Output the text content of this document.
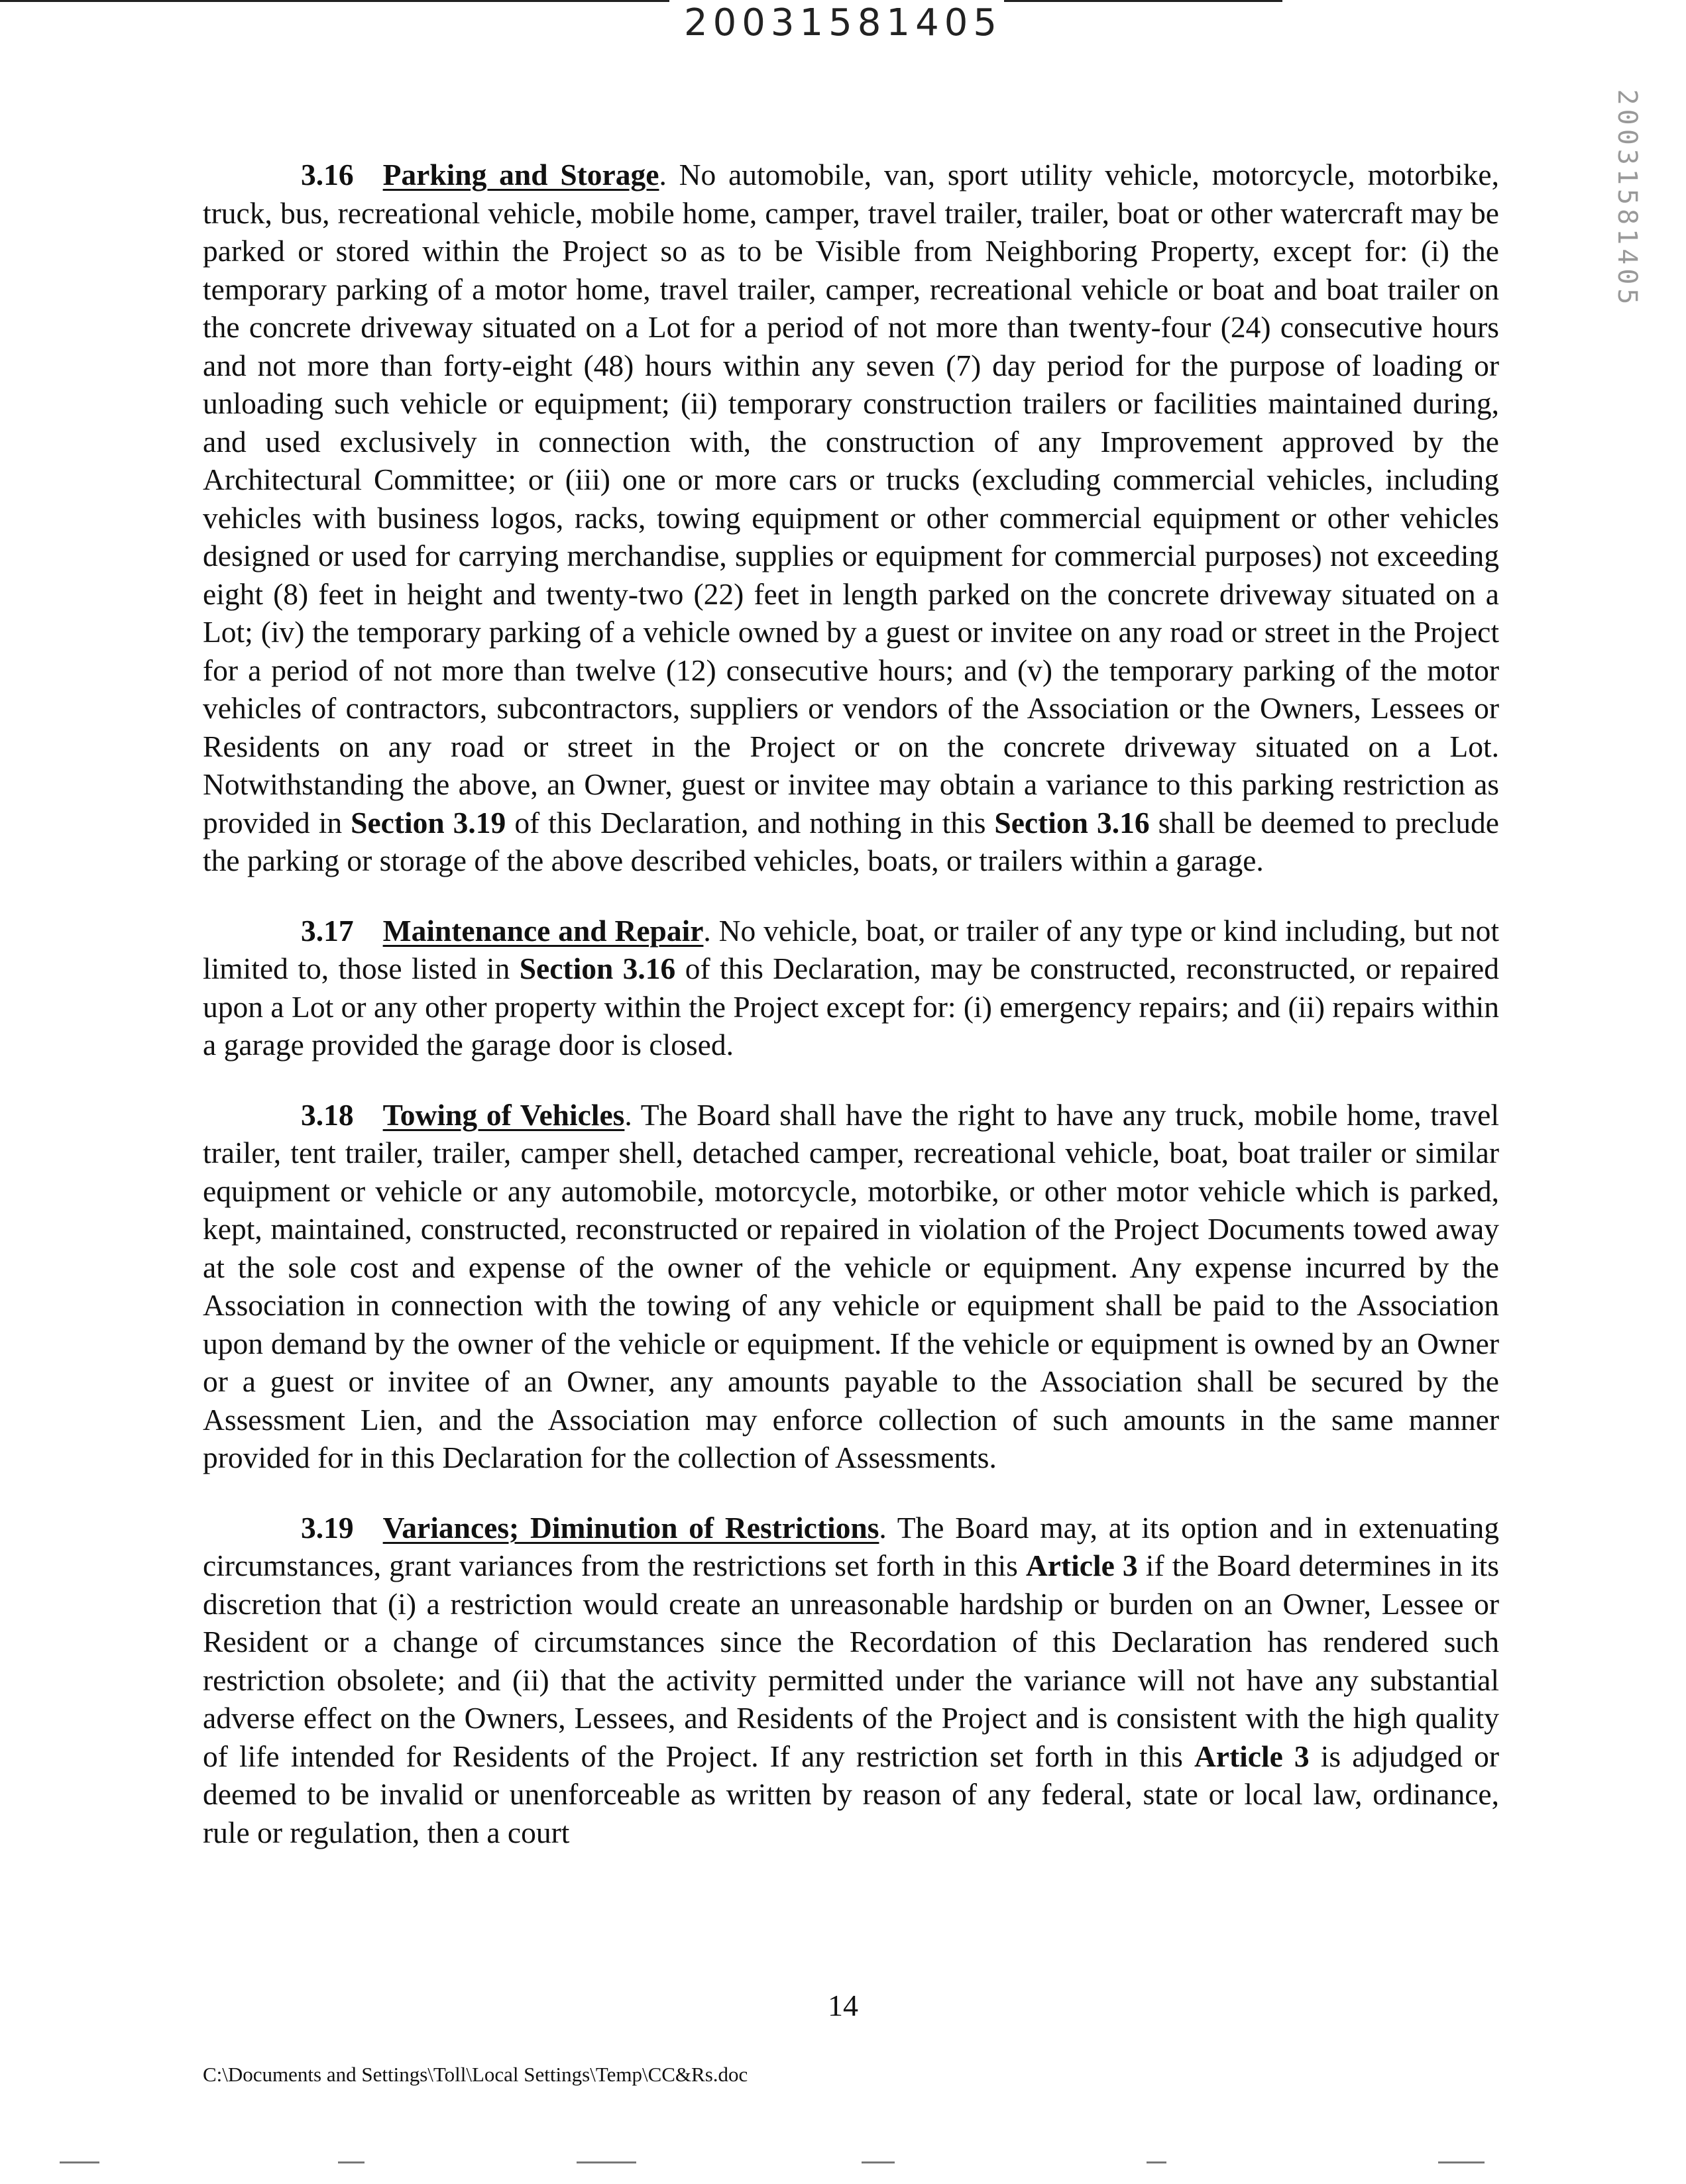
20031581405
20031581405

3.16 Parking and Storage. No automobile, van, sport utility vehicle, motorcycle, motorbike, truck, bus, recreational vehicle, mobile home, camper, travel trailer, trailer, boat or other watercraft may be parked or stored within the Project so as to be Visible from Neighboring Property, except for: (i) the temporary parking of a motor home, travel trailer, camper, recreational vehicle or boat and boat trailer on the concrete driveway situated on a Lot for a period of not more than twenty-four (24) consecutive hours and not more than forty-eight (48) hours within any seven (7) day period for the purpose of loading or unloading such vehicle or equipment; (ii) temporary construction trailers or facilities maintained during, and used exclusively in connection with, the construction of any Improvement approved by the Architectural Committee; or (iii) one or more cars or trucks (excluding commercial vehicles, including vehicles with business logos, racks, towing equipment or other commercial equipment or other vehicles designed or used for carrying merchandise, supplies or equipment for commercial purposes) not exceeding eight (8) feet in height and twenty-two (22) feet in length parked on the concrete driveway situated on a Lot; (iv) the temporary parking of a vehicle owned by a guest or invitee on any road or street in the Project for a period of not more than twelve (12) consecutive hours; and (v) the temporary parking of the motor vehicles of contractors, subcontractors, suppliers or vendors of the Association or the Owners, Lessees or Residents on any road or street in the Project or on the concrete driveway situated on a Lot. Notwithstanding the above, an Owner, guest or invitee may obtain a variance to this parking restriction as provided in Section 3.19 of this Declaration, and nothing in this Section 3.16 shall be deemed to preclude the parking or storage of the above described vehicles, boats, or trailers within a garage.

3.17 Maintenance and Repair. No vehicle, boat, or trailer of any type or kind including, but not limited to, those listed in Section 3.16 of this Declaration, may be constructed, reconstructed, or repaired upon a Lot or any other property within the Project except for: (i) emergency repairs; and (ii) repairs within a garage provided the garage door is closed.

3.18 Towing of Vehicles. The Board shall have the right to have any truck, mobile home, travel trailer, tent trailer, trailer, camper shell, detached camper, recreational vehicle, boat, boat trailer or similar equipment or vehicle or any automobile, motorcycle, motorbike, or other motor vehicle which is parked, kept, maintained, constructed, reconstructed or repaired in violation of the Project Documents towed away at the sole cost and expense of the owner of the vehicle or equipment. Any expense incurred by the Association in connection with the towing of any vehicle or equipment shall be paid to the Association upon demand by the owner of the vehicle or equipment. If the vehicle or equipment is owned by an Owner or a guest or invitee of an Owner, any amounts payable to the Association shall be secured by the Assessment Lien, and the Association may enforce collection of such amounts in the same manner provided for in this Declaration for the collection of Assessments.

3.19 Variances; Diminution of Restrictions. The Board may, at its option and in extenuating circumstances, grant variances from the restrictions set forth in this Article 3 if the Board determines in its discretion that (i) a restriction would create an unreasonable hardship or burden on an Owner, Lessee or Resident or a change of circumstances since the Recordation of this Declaration has rendered such restriction obsolete; and (ii) that the activity permitted under the variance will not have any substantial adverse effect on the Owners, Lessees, and Residents of the Project and is consistent with the high quality of life intended for Residents of the Project. If any restriction set forth in this Article 3 is adjudged or deemed to be invalid or unenforceable as written by reason of any federal, state or local law, ordinance, rule or regulation, then a court

14
C:\Documents and Settings\Toll\Local Settings\Temp\CC&Rs.doc
